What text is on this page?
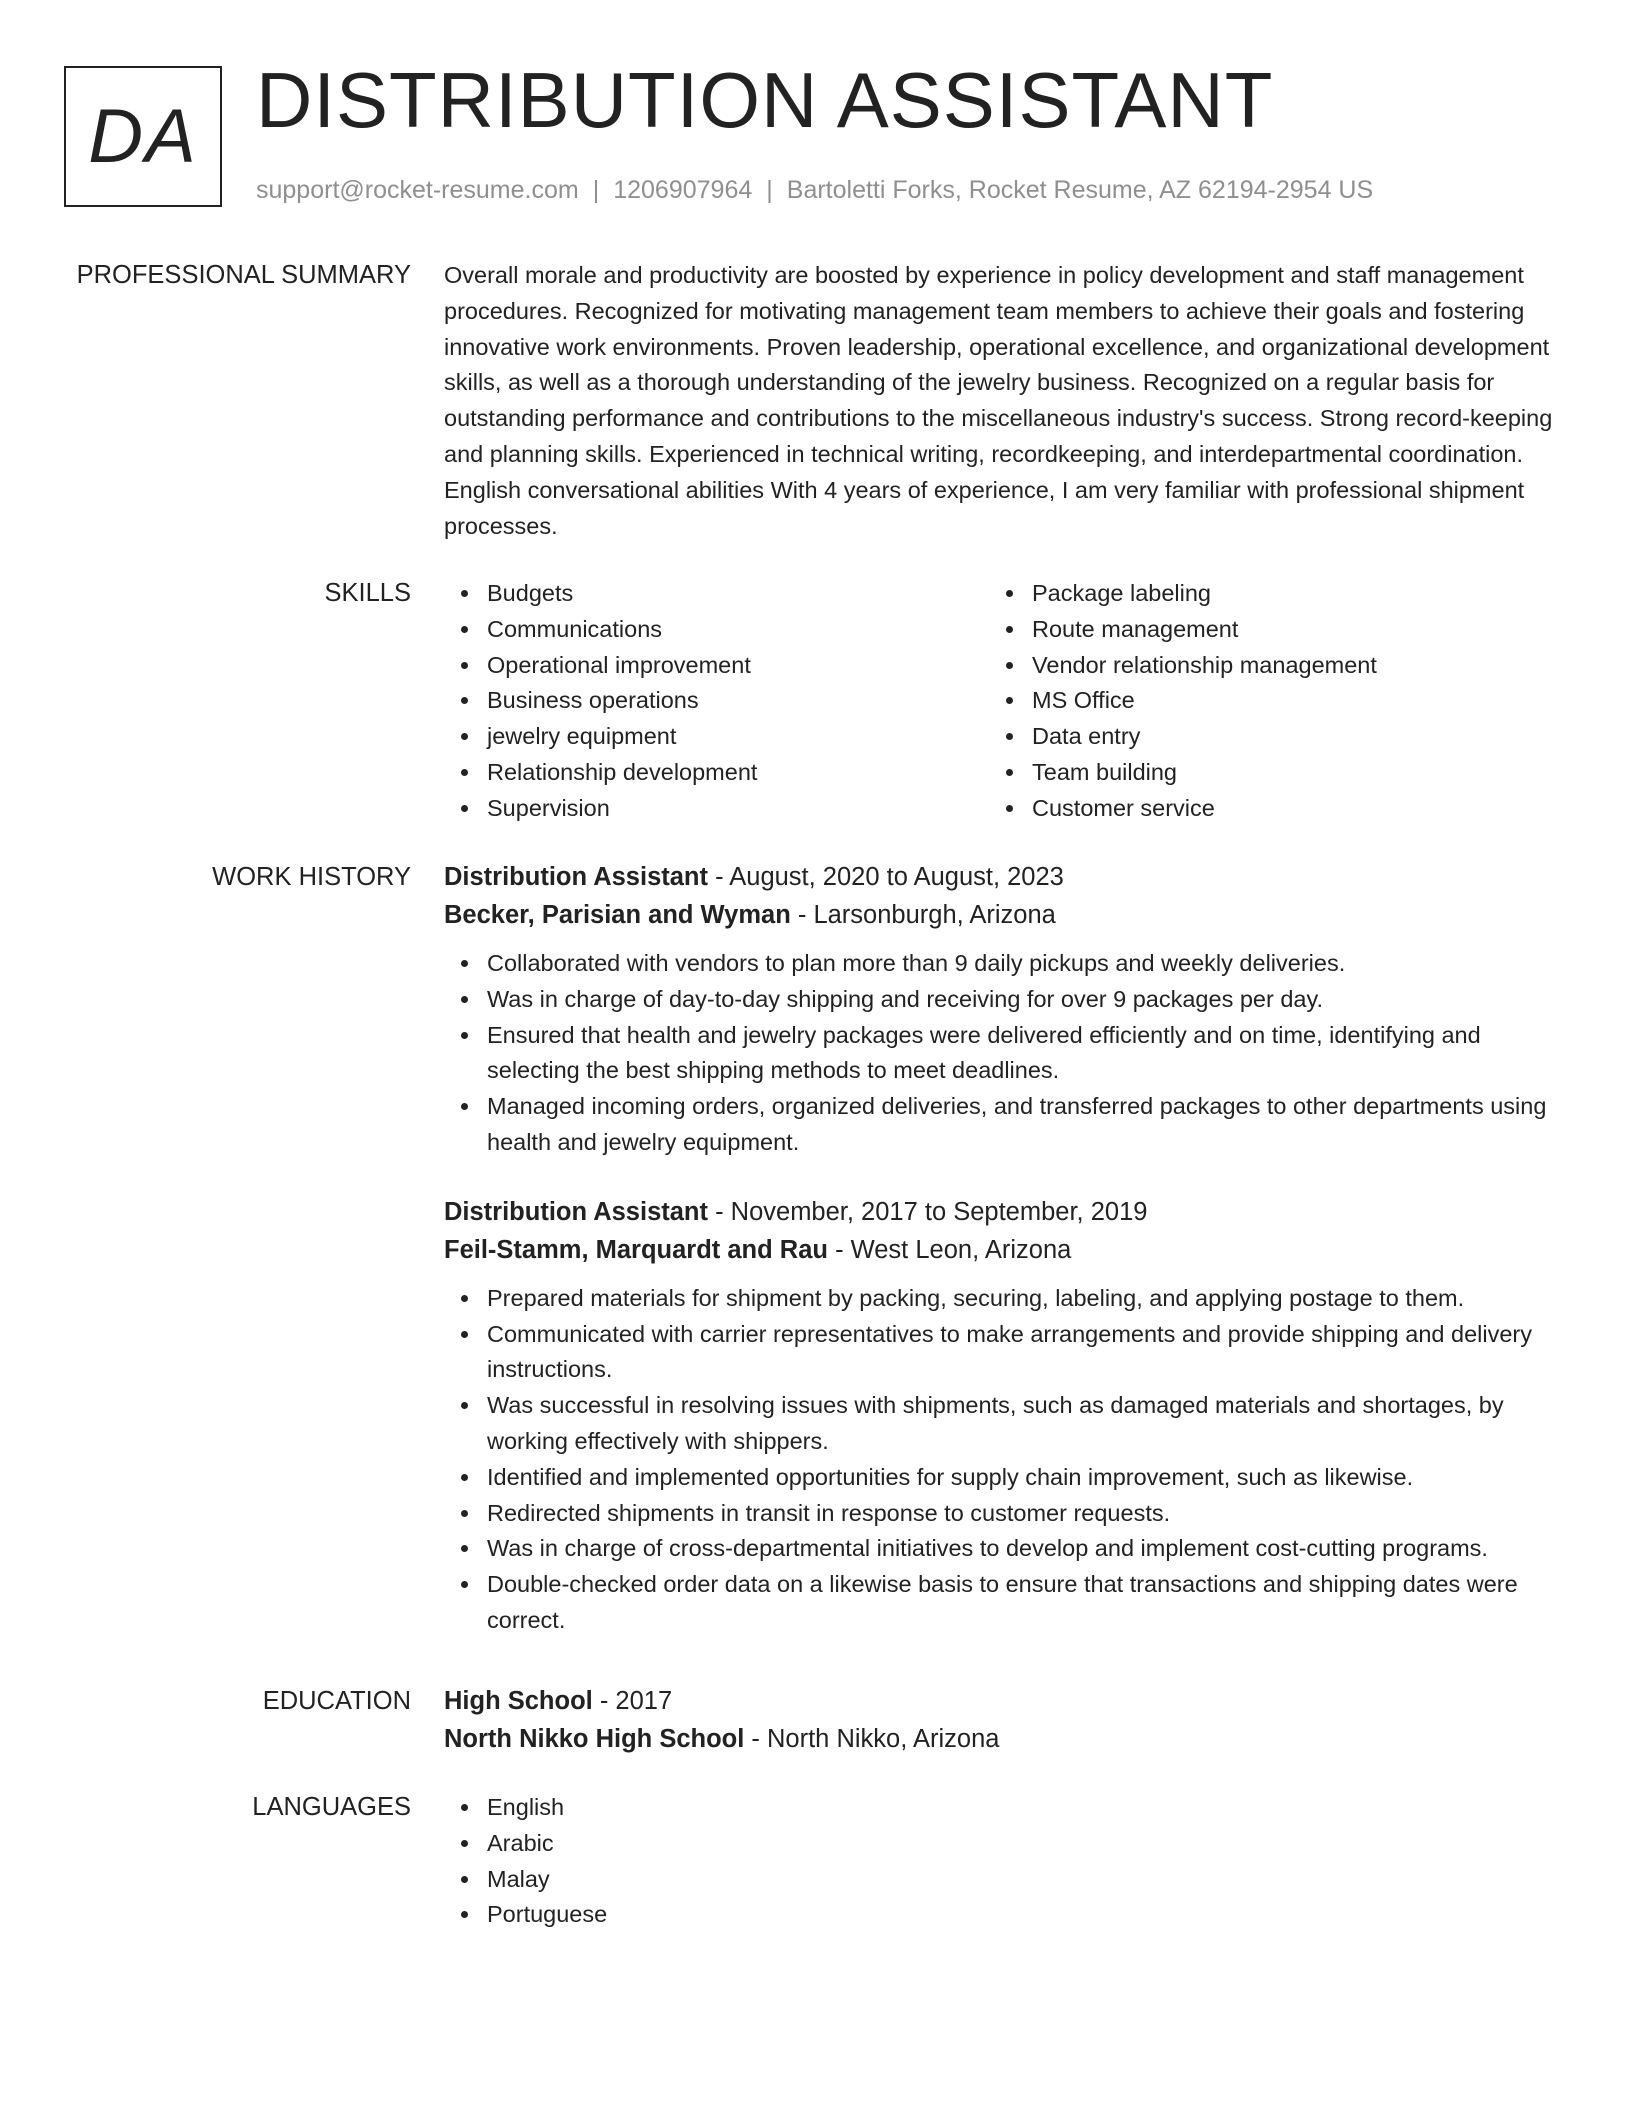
DA DISTRIBUTION ASSISTANT
support@rocket-resume.com | 1206907964 | Bartoletti Forks, Rocket Resume, AZ 62194-2954 US
PROFESSIONAL SUMMARY Overall morale and productivity are boosted by experience in policy development and staff management procedures. Recognized for motivating management team members to achieve their goals and fostering innovative work environments. Proven leadership, operational excellence, and organizational development skills, as well as a thorough understanding of the jewelry business. Recognized on a regular basis for outstanding performance and contributions to the miscellaneous industry's success. Strong record-keeping and planning skills. Experienced in technical writing, recordkeeping, and interdepartmental coordination. English conversational abilities With 4 years of experience, I am very familiar with professional shipment processes.

SKILLS	Budgets
Communications
Operational improvement
Business operations
jewelry equipment
Relationship development
Supervision
Package labeling
Route management
Vendor relationship management
MS Office
Data entry
Team building
Customer service
WORK HISTORY Distribution Assistant - August, 2020 to August, 2023
Becker, Parisian and Wyman - Larsonburgh, Arizona
Collaborated with vendors to plan more than 9 daily pickups and weekly deliveries.
Was in charge of day-to-day shipping and receiving for over 9 packages per day.
Ensured that health and jewelry packages were delivered efficiently and on time, identifying and selecting the best shipping methods to meet deadlines.
Managed incoming orders, organized deliveries, and transferred packages to other departments using health and jewelry equipment.
Distribution Assistant - November, 2017 to September, 2019
Feil-Stamm, Marquardt and Rau - West Leon, Arizona
Prepared materials for shipment by packing, securing, labeling, and applying postage to them.
Communicated with carrier representatives to make arrangements and provide shipping and delivery instructions.
Was successful in resolving issues with shipments, such as damaged materials and shortages, by working effectively with shippers.
Identified and implemented opportunities for supply chain improvement, such as likewise.
Redirected shipments in transit in response to customer requests.
Was in charge of cross-departmental initiatives to develop and implement cost-cutting programs.
Double-checked order data on a likewise basis to ensure that transactions and shipping dates were correct.
EDUCATION High School - 2017
North Nikko High School - North Nikko, Arizona
LANGUAGES	English
Arabic
Malay
Portuguese
